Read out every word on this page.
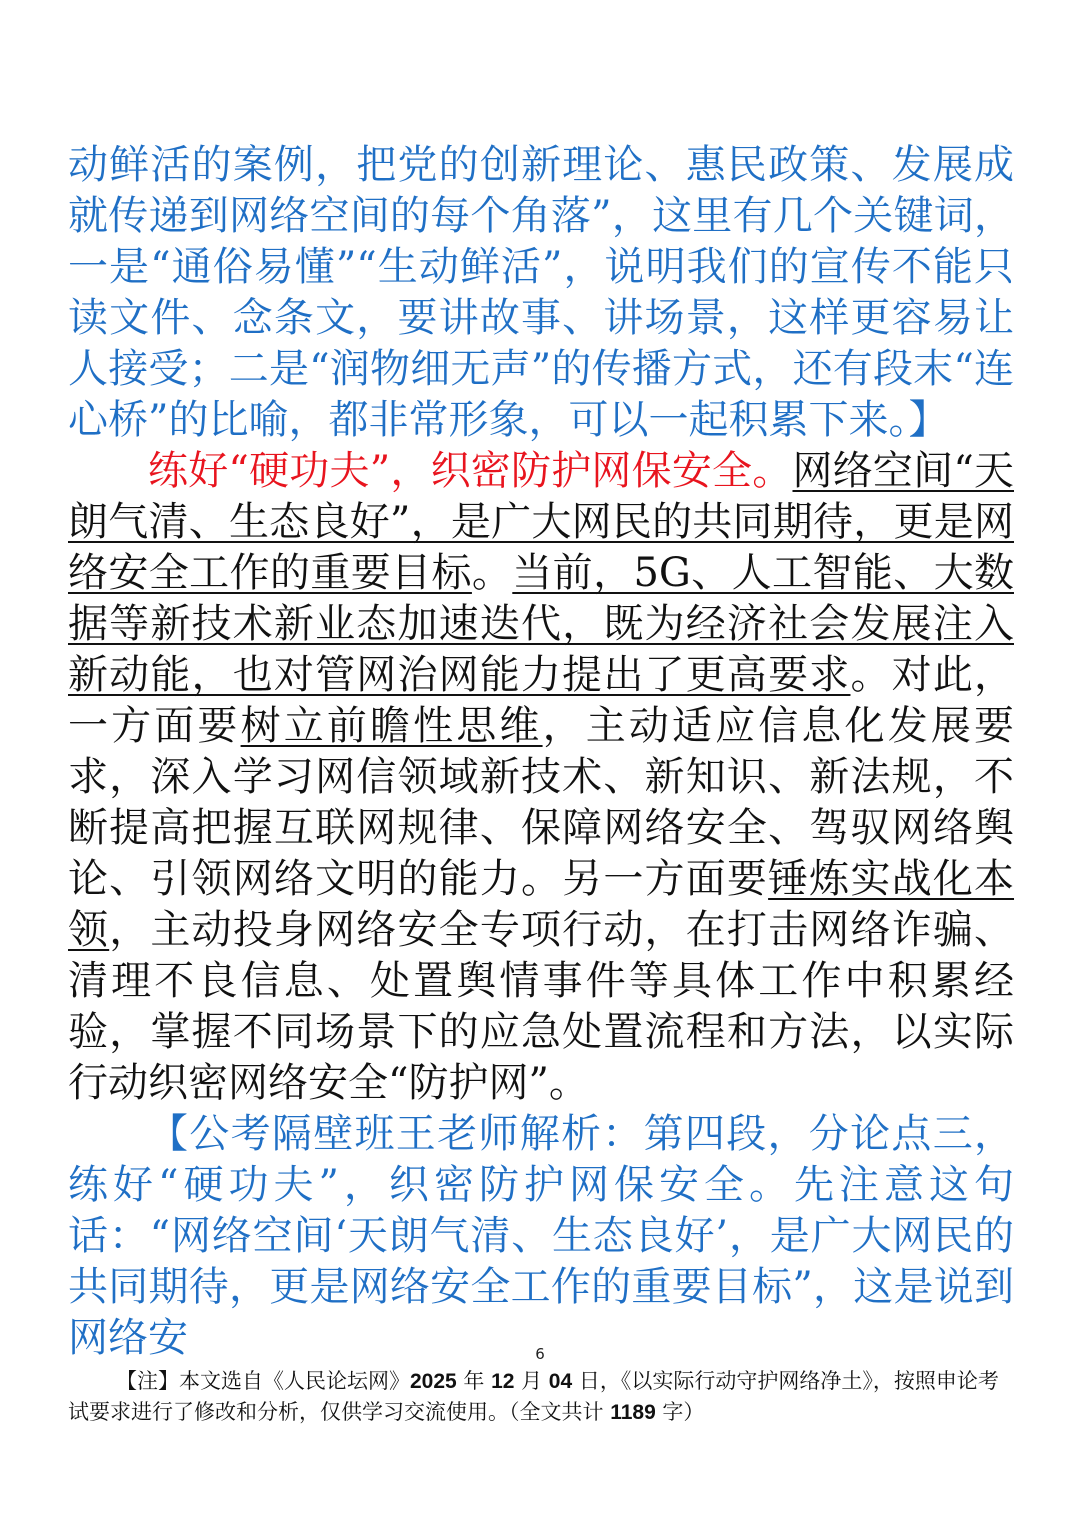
动鲜活的案例，把党的创新理论、惠民政策、发展成就传递到网络空间的每个角落”，这里有几个关键词，一是“通俗易懂”“生动鲜活”，说明我们的宣传不能只读文件、念条文，要讲故事、讲场景，这样更容易让人接受；二是“润物细无声”的传播方式，还有段末“连心桥”的比喻，都非常形象，可以一起积累下来。】

练好“硬功夫”，织密防护网保安全。网络空间“天朗气清、生态良好”，是广大网民的共同期待，更是网络安全工作的重要目标。当前，5G、人工智能、大数据等新技术新业态加速迭代，既为经济社会发展注入新动能，也对管网治网能力提出了更高要求。对此，一方面要树立前瞻性思维，主动适应信息化发展要求，深入学习网信领域新技术、新知识、新法规，不断提高把握互联网规律、保障网络安全、驾驭网络舆论、引领网络文明的能力。另一方面要锤炼实战化本领，主动投身网络安全专项行动，在打击网络诈骗、清理不良信息、处置舆情事件等具体工作中积累经验，掌握不同场景下的应急处置流程和方法，以实际行动织密网络安全“防护网”。

【公考隔壁班王老师解析：第四段，分论点三，练好“硬功夫”，织密防护网保安全。先注意这句话：“网络空间‘天朗气清、生态良好’，是广大网民的共同期待，更是网络安全工作的重要目标”，这是说到网络安	6
【注】本文选自《人民论坛网》2025 年 12 月 04 日，《以实际行动守护网络净土》，按照申论考试要求进行了修改和分析，仅供学习交流使用。（全文共计 1189 字）
